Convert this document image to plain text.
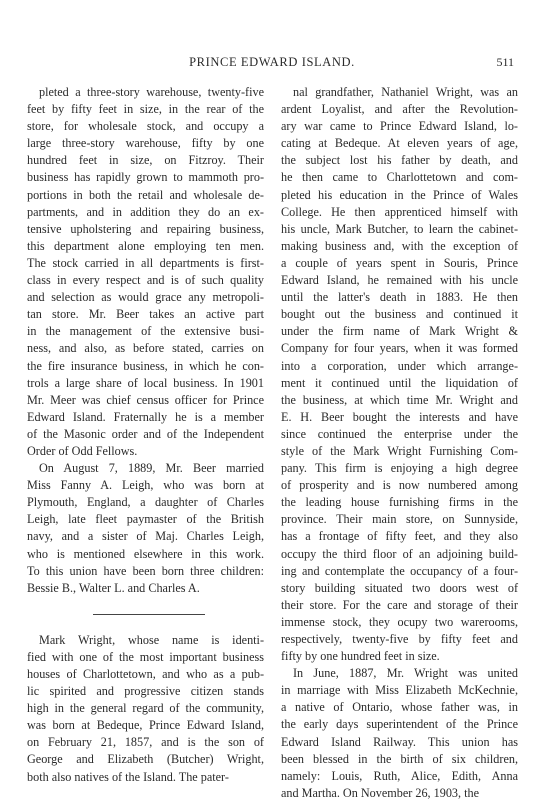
PRINCE EDWARD ISLAND.	511
pleted a three-story warehouse, twenty-five
feet by fifty feet in size, in the rear of the
store, for wholesale stock, and occupy a
large three-story warehouse, fifty by one
hundred feet in size, on Fitzroy. Their
business has rapidly grown to mammoth pro-
portions in both the retail and wholesale de-
partments, and in addition they do an ex-
tensive upholstering and repairing business,
this department alone employing ten men.
The stock carried in all departments is first-
class in every respect and is of such quality
and selection as would grace any metropoli-
tan store. Mr. Beer takes an active part
in the management of the extensive busi-
ness, and also, as before stated, carries on
the fire insurance business, in which he con-
trols a large share of local business. In 1901
Mr. Meer was chief census officer for Prince
Edward Island. Fraternally he is a member
of the Masonic order and of the Independent
Order of Odd Fellows.
On August 7, 1889, Mr. Beer married
Miss Fanny A. Leigh, who was born at
Plymouth, England, a daughter of Charles
Leigh, late fleet paymaster of the British
navy, and a sister of Maj. Charles Leigh,
who is mentioned elsewhere in this work.
To this union have been born three children:
Bessie B., Walter L. and Charles A.
Mark Wright, whose name is identi-
fied with one of the most important business
houses of Charlottetown, and who as a pub-
lic spirited and progressive citizen stands
high in the general regard of the community,
was born at Bedeque, Prince Edward Island,
on February 21, 1857, and is the son of
George and Elizabeth (Butcher) Wright,
both also natives of the Island. The pater-
nal grandfather, Nathaniel Wright, was an
ardent Loyalist, and after the Revolution-
ary war came to Prince Edward Island, lo-
cating at Bedeque. At eleven years of age,
the subject lost his father by death, and
he then came to Charlottetown and com-
pleted his education in the Prince of Wales
College. He then apprenticed himself with
his uncle, Mark Butcher, to learn the cabinet-
making business and, with the exception of
a couple of years spent in Souris, Prince
Edward Island, he remained with his uncle
until the latter's death in 1883. He then
bought out the business and continued it
under the firm name of Mark Wright &
Company for four years, when it was formed
into a corporation, under which arrange-
ment it continued until the liquidation of
the business, at which time Mr. Wright and
E. H. Beer bought the interests and have
since continued the enterprise under the
style of the Mark Wright Furnishing Com-
pany. This firm is enjoying a high degree
of prosperity and is now numbered among
the leading house furnishing firms in the
province. Their main store, on Sunnyside,
has a frontage of fifty feet, and they also
occupy the third floor of an adjoining build-
ing and contemplate the occupancy of a four-
story building situated two doors west of
their store. For the care and storage of their
immense stock, they ocupy two warerooms,
respectively, twenty-five by fifty feet and
fifty by one hundred feet in size.
In June, 1887, Mr. Wright was united
in marriage with Miss Elizabeth McKechnie,
a native of Ontario, whose father was, in
the early days superintendent of the Prince
Edward Island Railway. This union has
been blessed in the birth of six children,
namely: Louis, Ruth, Alice, Edith, Anna
and Martha. On November 26, 1903, the
